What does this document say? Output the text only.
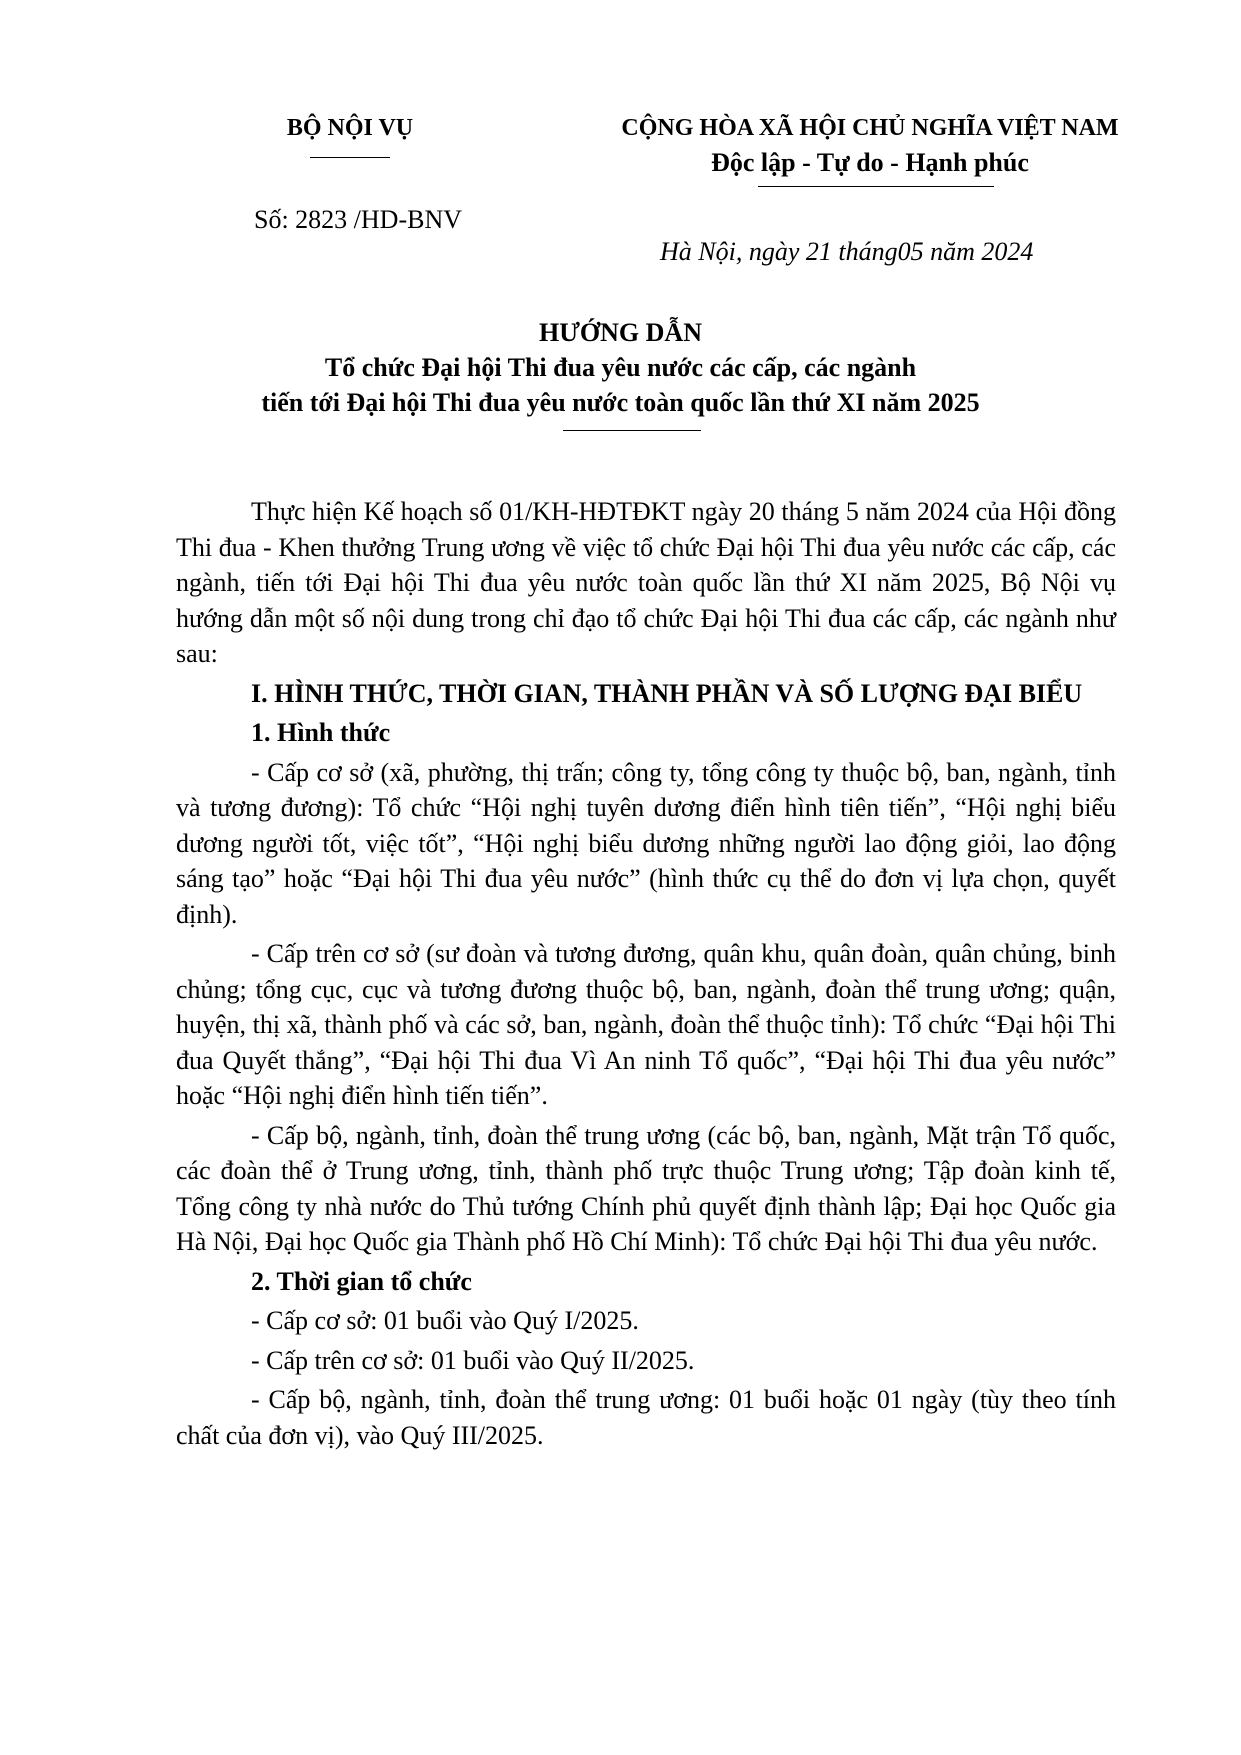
BỘ NỘI VỤ	CỘNG HÒA XÃ HỘI CHỦ NGHĨA VIỆT NAM
Độc lập - Tự do - Hạnh phúc
Số: 2823 /HD-BNV
Hà Nội, ngày 21 tháng05 năm 2024
HƯỚNG DẪN
Tổ chức Đại hội Thi đua yêu nước các cấp, các ngành
tiến tới Đại hội Thi đua yêu nước toàn quốc lần thứ XI năm 2025

Thực hiện Kế hoạch số 01/KH-HĐTĐKT ngày 20 tháng 5 năm 2024 của Hội đồng Thi đua - Khen thưởng Trung ương về việc tổ chức Đại hội Thi đua yêu nước các cấp, các ngành, tiến tới Đại hội Thi đua yêu nước toàn quốc lần thứ XI năm 2025, Bộ Nội vụ hướng dẫn một số nội dung trong chỉ đạo tổ chức Đại hội Thi đua các cấp, các ngành như sau:

I. HÌNH THỨC, THỜI GIAN, THÀNH PHẦN VÀ SỐ LƯỢNG ĐẠI BIỂU

1. Hình thức

- Cấp cơ sở (xã, phường, thị trấn; công ty, tổng công ty thuộc bộ, ban, ngành, tỉnh và tương đương): Tổ chức “Hội nghị tuyên dương điển hình tiên tiến”, “Hội nghị biểu dương người tốt, việc tốt”, “Hội nghị biểu dương những người lao động giỏi, lao động sáng tạo” hoặc “Đại hội Thi đua yêu nước” (hình thức cụ thể do đơn vị lựa chọn, quyết định).

- Cấp trên cơ sở (sư đoàn và tương đương, quân khu, quân đoàn, quân chủng, binh chủng; tổng cục, cục và tương đương thuộc bộ, ban, ngành, đoàn thể trung ương; quận, huyện, thị xã, thành phố và các sở, ban, ngành, đoàn thể thuộc tỉnh): Tổ chức “Đại hội Thi đua Quyết thắng”, “Đại hội Thi đua Vì An ninh Tổ quốc”, “Đại hội Thi đua yêu nước” hoặc “Hội nghị điển hình tiến tiến”.

- Cấp bộ, ngành, tỉnh, đoàn thể trung ương (các bộ, ban, ngành, Mặt trận Tổ quốc, các đoàn thể ở Trung ương, tỉnh, thành phố trực thuộc Trung ương; Tập đoàn kinh tế, Tổng công ty nhà nước do Thủ tướng Chính phủ quyết định thành lập; Đại học Quốc gia Hà Nội, Đại học Quốc gia Thành phố Hồ Chí Minh): Tổ chức Đại hội Thi đua yêu nước.

2. Thời gian tổ chức

- Cấp cơ sở: 01 buổi vào Quý I/2025.

- Cấp trên cơ sở: 01 buổi vào Quý II/2025.

- Cấp bộ, ngành, tỉnh, đoàn thể trung ương: 01 buổi hoặc 01 ngày (tùy theo tính chất của đơn vị), vào Quý III/2025.
